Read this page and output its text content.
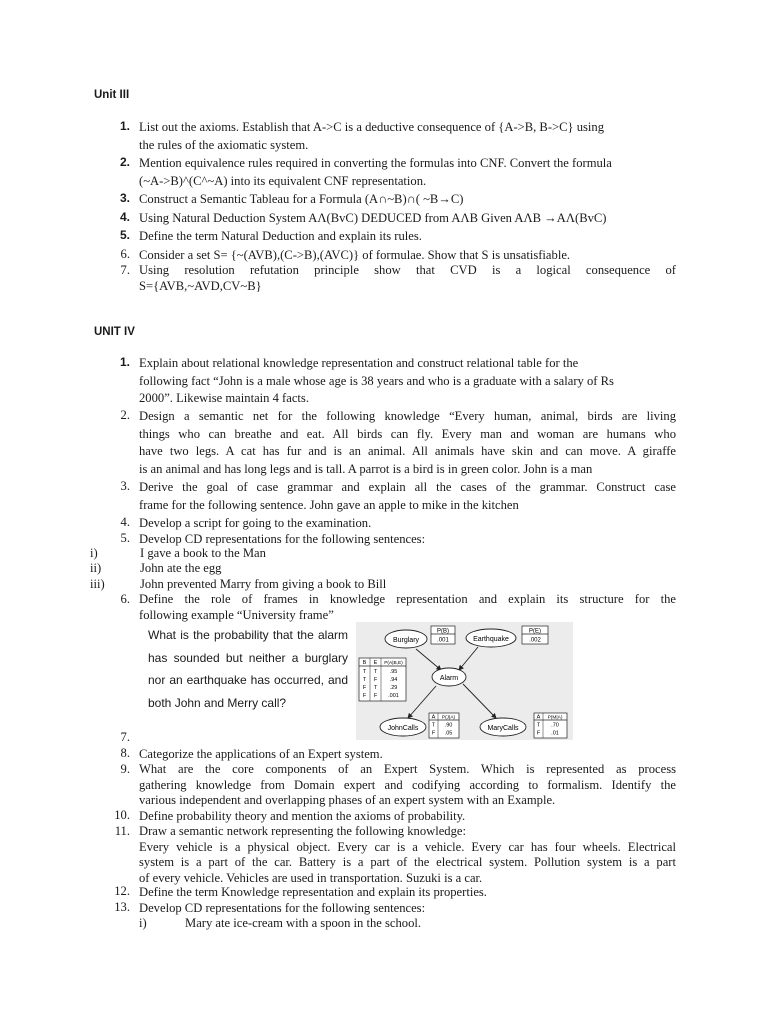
Unit III
1. List out the axioms. Establish that A->C is a deductive consequence of {A->B, B->C} using
the rules of the axiomatic system.
2. Mention equivalence rules required in converting the formulas into CNF. Convert the formula
(~A->B)^(C^~A) into its equivalent CNF representation.
3. Construct a Semantic Tableau for a Formula (A∩~B)∩( ~B→C)
4. Using Natural Deduction System AΛ(BvC) DEDUCED from AΛB Given AΛB →AΛ(BvC)
5. Define the term Natural Deduction and explain its rules.
6. Consider a set S= {~(AVB),(C->B),(AVC)} of formulae. Show that S is unsatisfiable.
7. Using resolution refutation principle show that CVD is a logical consequence of
S={AVB,~AVD,CV~B}
UNIT IV
1. Explain about relational knowledge representation and construct relational table for the
following fact “John is a male whose age is 38 years and who is a graduate with a salary of Rs
2000”. Likewise maintain 4 facts.
2. Design a semantic net for the following knowledge “Every human, animal, birds are living
things who can breathe and eat. All birds can fly. Every man and woman are humans who
have two legs. A cat has fur and is an animal. All animals have skin and can move. A giraffe
is an animal and has long legs and is tall. A parrot is a bird is in green color. John is a man
3. Derive the goal of case grammar and explain all the cases of the grammar. Construct case
frame for the following sentence. John gave an apple to mike in the kitchen
4. Develop a script for going to the examination.
5. Develop CD representations for the following sentences:
i)	I gave a book to the Man
ii)	John ate the egg
iii)	John prevented Marry from giving a book to Bill
6. Define the role of frames in knowledge representation and explain its structure for the
following example “University frame”
What is the probability that the alarm has sounded but neither a burglary nor an earthquake has occurred, and both John and Merry call?
Burglary	Earthquake
Alarm
JohnCalls	MaryCalls
P(B)
.001
P(E)
.002
B E P(A|B,E)
T T .95
T F .94
F T .29
F F .001
A P(J|A)
T .90
F .05
A P(M|A)
T .70
F .01
7.
8. Categorize the applications of an Expert system.
9. What are the core components of an Expert System. Which is represented as process
gathering knowledge from Domain expert and codifying according to formalism. Identify the
various independent and overlapping phases of an expert system with an Example.
10. Define probability theory and mention the axioms of probability.
11. Draw a semantic network representing the following knowledge:
Every vehicle is a physical object. Every car is a vehicle. Every car has four wheels. Electrical
system is a part of the car. Battery is a part of the electrical system. Pollution system is a part
of every vehicle. Vehicles are used in transportation. Suzuki is a car.
12. Define the term Knowledge representation and explain its properties.
13. Develop CD representations for the following sentences:
i)	Mary ate ice-cream with a spoon in the school.
